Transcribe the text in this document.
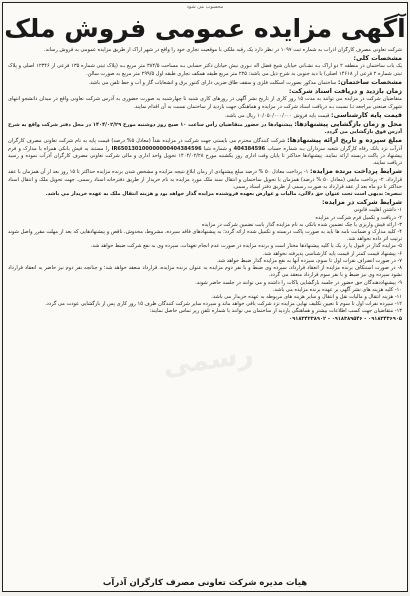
محسوب می شود
آگهی مزایده عمومی فروش ملک
رسمی

شرکت تعاونی مصرف کارگران آذرآب به شماره ثبت ۱۰۹۷ در نظر دارد یک رقبه ملکی با موقعیت تجاری خود را واقع در شهر اراک از طریق مزایده عمومی به فروش رساند.

مشخصات کلی:

یک باب ساختمان در منطقه ۲ دو اراک بـه نشـانی خیابان شیخ فضل اله نـوری نبش خیابان دکتر حسابی بـه مساحت ۳۸۴/۵ متر مربع بـه (پلاک ثبتی شماره ۱۳۵ فرعی از ۱۲۳۴۶ اصلی و پلاک ثبتی شماره ۲ فرعی از ۱۴۶۱۸ اصلی) با دید جنوبی به شرح ذیل می باشد: ۲۲۵ متر مربع طبقه همکف تجاری طبقه اول ۲۹۹/۵ متر مربع به صورت سالن.

مشخصات ساختمان: ساختمان مذکور بصورت اسکلت فلزی و سقف طاق ضربی دارای کنتور برق و انشعابات گاز و آب و خط تلفن می باشد.

زمان بازدید و دریافت اسناد شرکت:

متقاضیان شرکت در مزایده می توانند به مدت ۱۵ روز کاری از تاریخ نشر آگهی در روزهای کاری شنبه تا چهارشنبه به صورت حضوری به آدرس شرکت تعاونی واقع در میدان دانشجو انتهای شهرک صنعتی مراجعه تـا نسبت بـه دریافت اسناد شرکت در مزایده و هماهنگی جهت بازدید از ساختمان نسبت به آن اقدام نمایند.

قیمت پایه کارشناسی: قیمت پایه فروش ۱۰/۰۵۰/۰۰۰/۰۰۰ ریال می باشد.

محل و زمان بازگشایی پیشنهادها: پیشنهادها در حضور متقاضیان رأس ساعت ۱۰ صبح روز دوشنبه مورخ ۱۴۰۴/۰۲/۲۹ در محل دفتر شرکت واقع به شرح آدرس فوق بازگشایی می گردد.

مبلغ سپرده و تاریخ ارائه پیشنهادها: شرکت کنندگان محترم می بایستی جهت شرکت در مزایده نقداً (معادل ۵% درصد) قیمت پایه به نام شرکت تعاونی مصرف کارگران آذرآب نزد بانک رفاه کارگران شعبه سرداران بـه شماره حساب 404384596 و شماره شبا IR650130100000000404384596 را مستند به فیش بانکی همراه با مدارک و فرم پیشنهاد در پاکت دربسته ارائه نمایند. پیشنهادها حداکثر تا پایان وقت اداری روز یکشنبه مورخ ۱۴۰۴/۰۲/۲۸ تحویل واحد اداری و مالی شرکت تعاونی مصرف کارگران آذرآب نموده و رسید دریافت نمایند.

شرایط پرداخت برنده مزایده: ۱- پرداخت معادل ۵۰ % درصد مبلغ پیشنهادی از زمان ابلاغ نتیجه مزایده و مشخص شدن برنده مزایده حداکثر تا ۱۵ روز بعد از آن همزمان با عقد قرارداد. ۲- پرداخت مابقی (معادل ۵۰ % درصد) همزمان با تحویل ساختمان و انتقال سند ملک مورد مزایده به نام خریدار از طریق دفترخانه اسناد رسمی. جهت تحویل ملک و انتقال اسناد حداکثر تا دو ماه بعد از عقد قرارداد به صورت رسمی از طریق دفتر اسناد رسمی.

تبصره: بدیهی است تحت عنوان حق دلالی، مالیات و عوارض بعهده فروشنده مزایده گذار خواهد بود و هزینه انتقال ملک به عهده خریدار می باشد.

شرایط شرکت در مزایده:

۱- داشتن اهلیت قانونی

۲- دریافت و تکمیل فرم شرکت در مزایده

۳- ارائه فیش واریزی یا چک تضمین شده بانکی به نام مزایده گذار بابت تضمین شرکت در مزایده

۴- کلیه مدارک و ضمانت نامه ها باید به صورت پاکت دربسته و تکمیل شده ارائه گردد؛ به پیشنهادهای فاقد سپرده، مشروط، مخدوش، ناقص و پیشنهادهایی که بعد از مهلت مقرر واصل شوند ترتیب اثر داده نخواهد شد.

۵- مزایده گذار در قبول یا رد یک یا کلیه پیشنهادها مختار است و برنده مزایده در صورت عدم انجام تعهدات، سپرده وی به نفع شرکت ضبط خواهد شد.

۶- پیشنهاد قیمت کمتر از قیمت پایه کارشناسی پذیرفته نخواهد شد.

۷- در صورت انصراف نفرات اول تا سوم، سپرده آنها به نفع مزایده گذار ضبط خواهد شد.

۸- در صورت استنکاف برنده مزایده از انعقاد قرارداد، سپرده وی ضبط و با نفر دوم مزایده به عنوان برنده مزایده، قرارداد منعقد خواهد شد؛ و چنانچه نفر دوم نیز حاضر به انعقاد قرارداد نشود سپرده وی نیز ضبط و با نفر سوم قرارداد منعقد می گردد.

۹- پیشنهاددهندگان حق حضور در جلسه بازگشایی پاکات را داشته و می توانند در جلسه حاضر شوند.

۱۰- کلیه هزینه های نشر آگهی بر عهده برنده مزایده می باشد.

۱۱- هزینه انتقال و مالیات نقل و انتقال و سایر هزینه های مربوطه به عهده خریدار می باشد.

۱۲- سپرده نفرات اول تا سوم تا تعیین تکلیف نهایی مزایده نزد شرکت باقی خواهد ماند و سپرده سایر شرکت کنندگان ظرف ۱۵ روز کاری پس از بازگشایی عودت می گردد.

۱۳- متقاضیان جهت کسب اطلاعات بیشتر و هماهنگی بازدید از ساختمان می توانند با شماره تلفن زیر تماس حاصل نمایند:

۰۹۱۸۳۴۳۶۹۰۵ - ۰۹۱۸۳۸۹۵۴۶ - ۰۹۱۸۳۴۲۳۸۹۰۲

هیات مدیره شرکت تعاونی مصرف کارگران آذرآب
